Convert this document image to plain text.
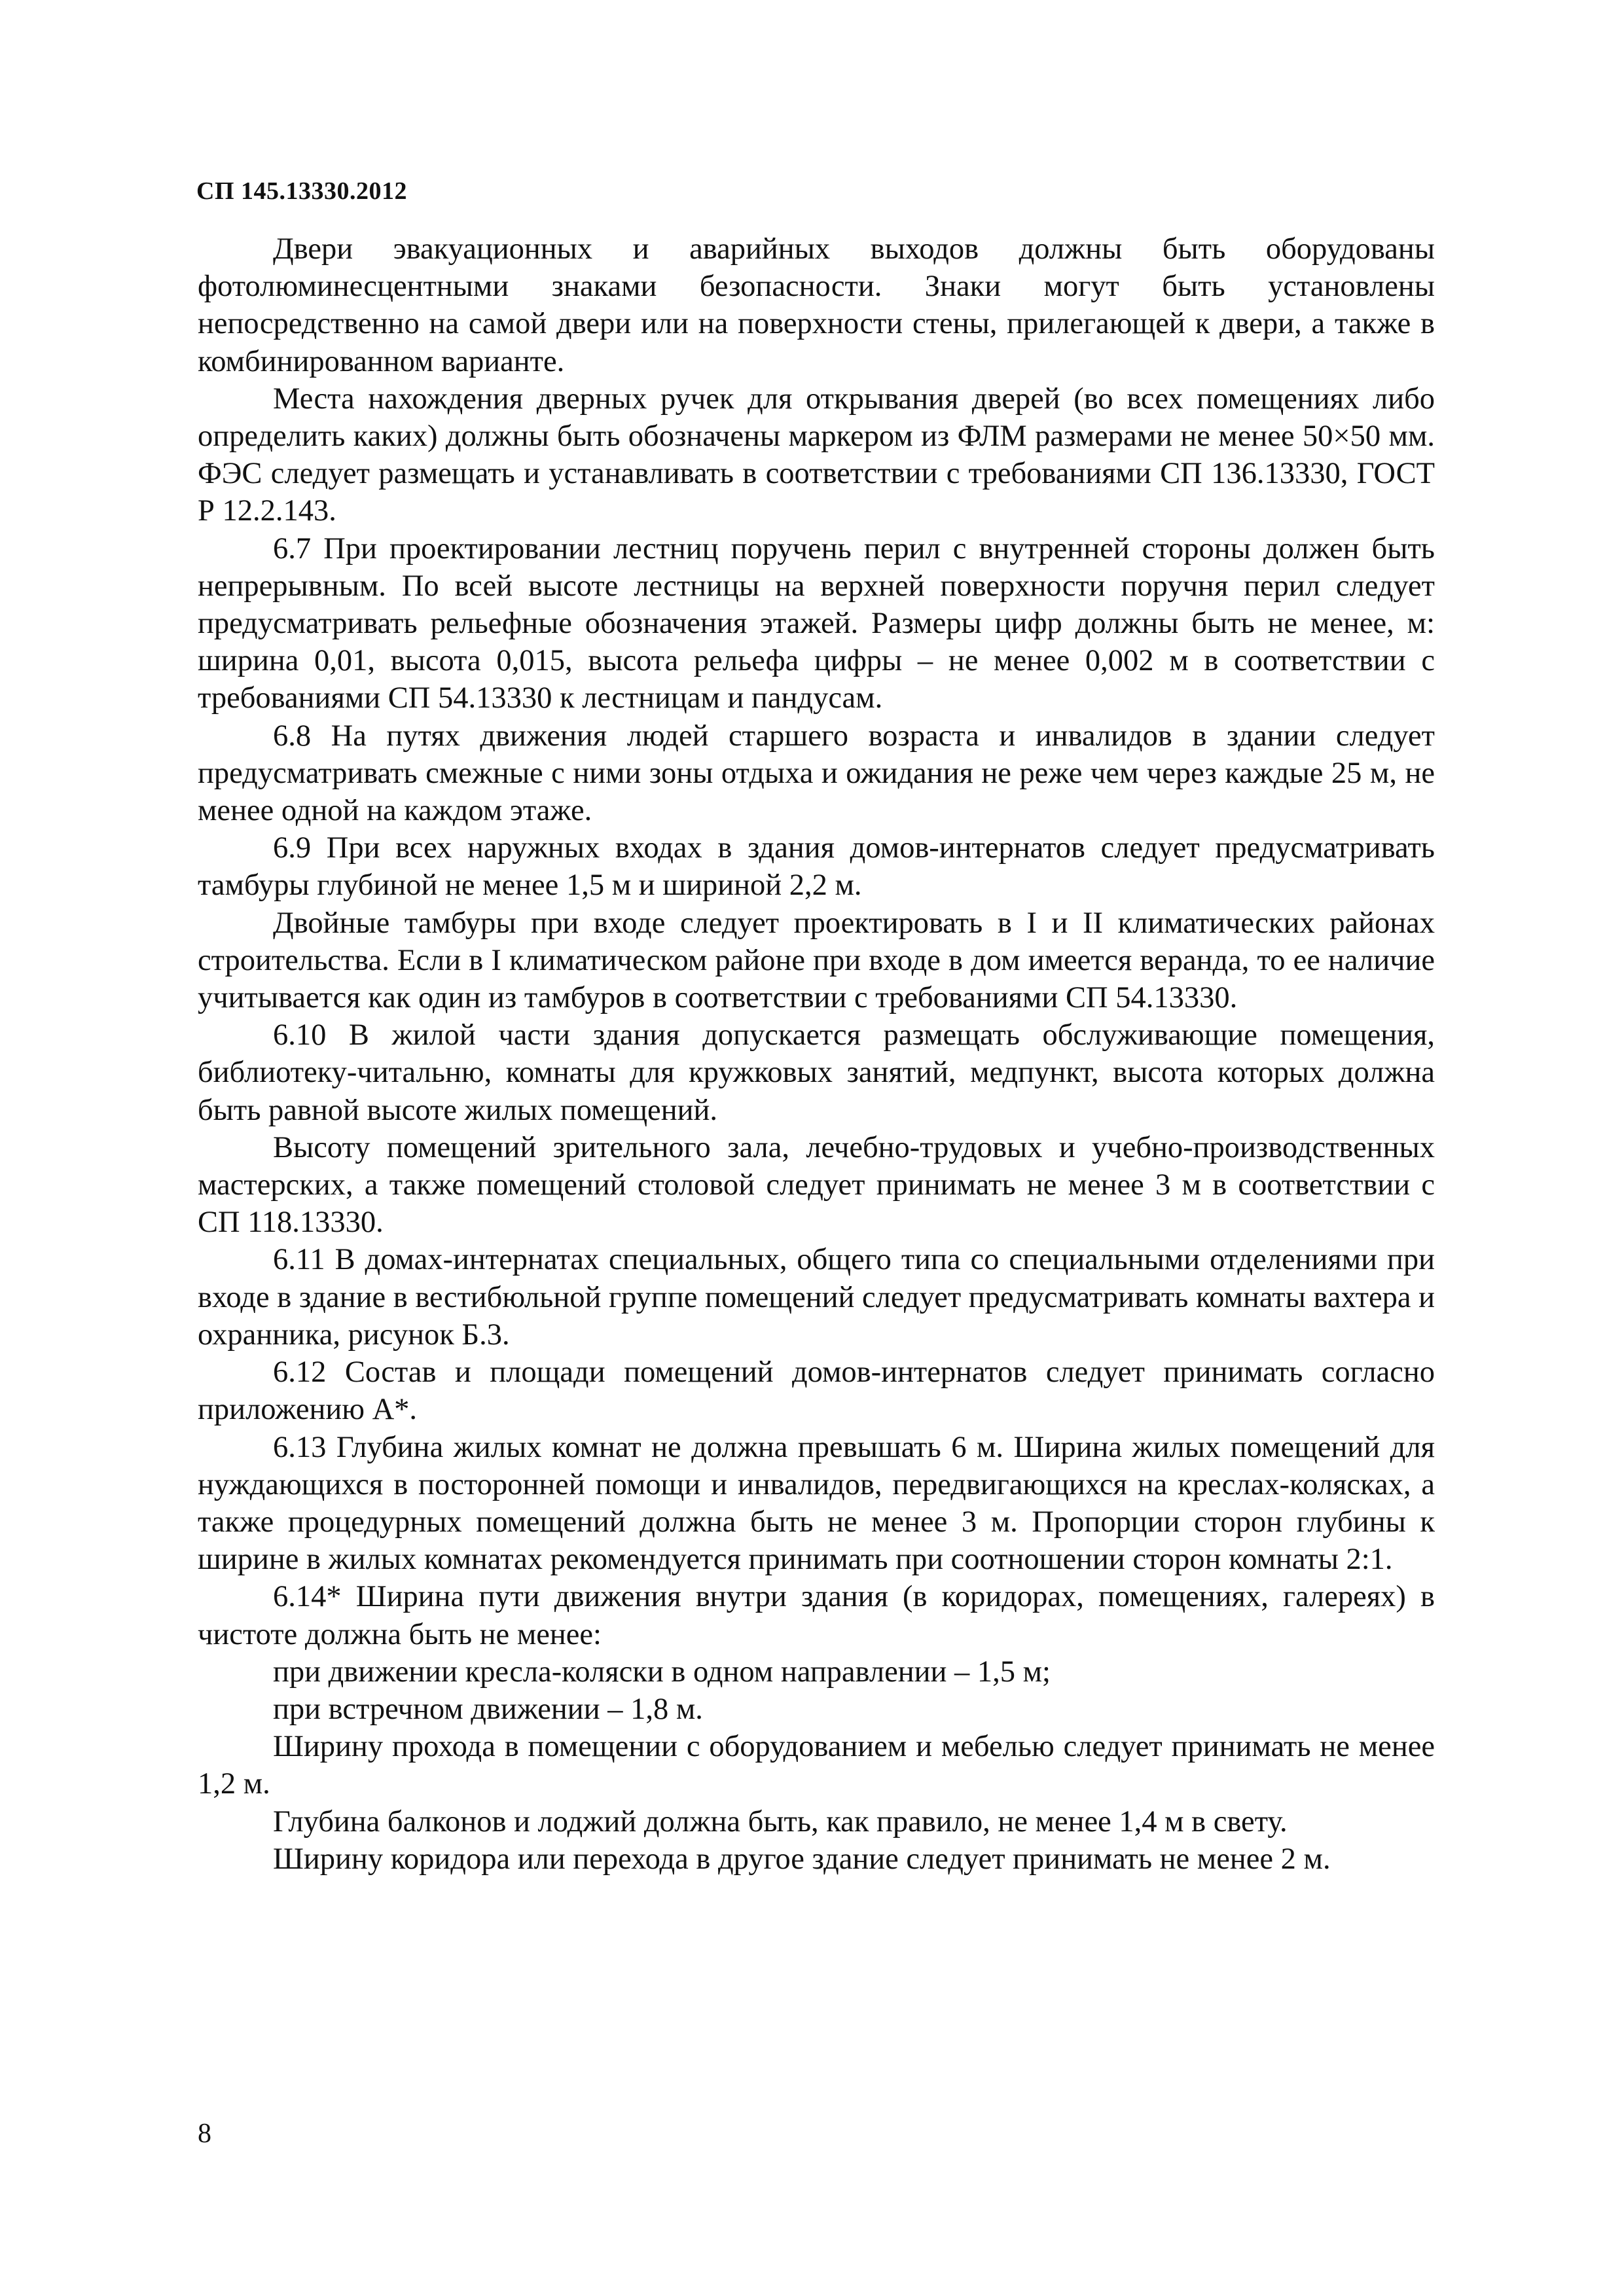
СП 145.13330.2012

Двери эвакуационных и аварийных выходов должны быть оборудованы фотолюминесцентными знаками безопасности. Знаки могут быть установлены непосредственно на самой двери или на поверхности стены, прилегающей к двери, а также в комбинированном варианте.

Места нахождения дверных ручек для открывания дверей (во всех помещениях либо определить каких) должны быть обозначены маркером из ФЛМ размерами не менее 50×50 мм. ФЭС следует размещать и устанавливать в соответствии с требованиями СП 136.13330, ГОСТ Р 12.2.143.

6.7 При проектировании лестниц поручень перил с внутренней стороны должен быть непрерывным. По всей высоте лестницы на верхней поверхности поручня перил следует предусматривать рельефные обозначения этажей. Размеры цифр должны быть не менее, м: ширина 0,01, высота 0,015, высота рельефа цифры – не менее 0,002 м в соответствии с требованиями СП 54.13330 к лестницам и пандусам.

6.8 На путях движения людей старшего возраста и инвалидов в здании следует предусматривать смежные с ними зоны отдыха и ожидания не реже чем через каждые 25 м, не менее одной на каждом этаже.

6.9 При всех наружных входах в здания домов-интернатов следует предусматривать тамбуры глубиной не менее 1,5 м и шириной 2,2 м.

Двойные тамбуры при входе следует проектировать в I и II климатических районах строительства. Если в I климатическом районе при входе в дом имеется веранда, то ее наличие учитывается как один из тамбуров в соответствии с требованиями СП 54.13330.

6.10 В жилой части здания допускается размещать обслуживающие помещения, библиотеку-читальню, комнаты для кружковых занятий, медпункт, высота которых должна быть равной высоте жилых помещений.

Высоту помещений зрительного зала, лечебно-трудовых и учебно-производственных мастерских, а также помещений столовой следует принимать не менее 3 м в соответствии с СП 118.13330.

6.11 В домах-интернатах специальных, общего типа со специальными отделениями при входе в здание в вестибюльной группе помещений следует предусматривать комнаты вахтера и охранника, рисунок Б.3.

6.12 Состав и площади помещений домов-интернатов следует принимать согласно приложению А*.

6.13 Глубина жилых комнат не должна превышать 6 м. Ширина жилых помещений для нуждающихся в посторонней помощи и инвалидов, передвигающихся на креслах-колясках, а также процедурных помещений должна быть не менее 3 м. Пропорции сторон глубины к ширине в жилых комнатах рекомендуется принимать при соотношении сторон комнаты 2:1.

6.14* Ширина пути движения внутри здания (в коридорах, помещениях, галереях) в чистоте должна быть не менее:

при движении кресла-коляски в одном направлении – 1,5 м;

при встречном движении – 1,8 м.

Ширину прохода в помещении с оборудованием и мебелью следует принимать не менее 1,2 м.

Глубина балконов и лоджий должна быть, как правило, не менее 1,4 м в свету.

Ширину коридора или перехода в другое здание следует принимать не менее 2 м.

8
